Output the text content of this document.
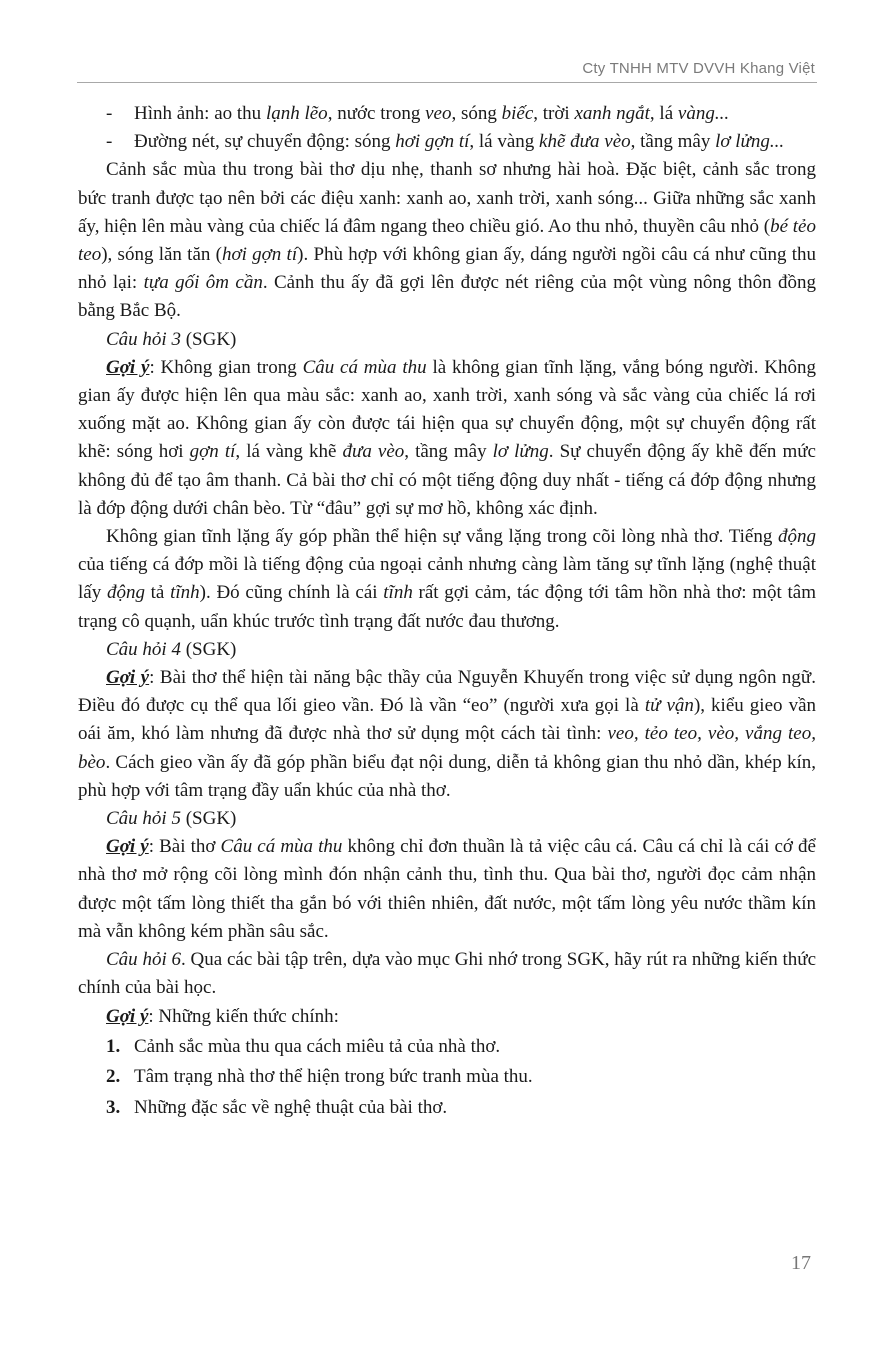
Cty TNHH MTV DVVH Khang Việt

- Hình ảnh: ao thu lạnh lẽo, nước trong veo, sóng biếc, trời xanh ngắt, lá vàng...

- Đường nét, sự chuyển động: sóng hơi gợn tí, lá vàng khẽ đưa vèo, tầng mây lơ lửng...

Cảnh sắc mùa thu trong bài thơ dịu nhẹ, thanh sơ nhưng hài hoà. Đặc biệt, cảnh sắc trong bức tranh được tạo nên bởi các điệu xanh: xanh ao, xanh trời, xanh sóng... Giữa những sắc xanh ấy, hiện lên màu vàng của chiếc lá đâm ngang theo chiều gió. Ao thu nhỏ, thuyền câu nhỏ (bé tẻo teo), sóng lăn tăn (hơi gợn tí). Phù hợp với không gian ấy, dáng người ngồi câu cá như cũng thu nhỏ lại: tựa gối ôm cần. Cảnh thu ấy đã gợi lên được nét riêng của một vùng nông thôn đồng bằng Bắc Bộ.

Câu hỏi 3 (SGK)

Gợi ý: Không gian trong Câu cá mùa thu là không gian tĩnh lặng, vắng bóng người. Không gian ấy được hiện lên qua màu sắc: xanh ao, xanh trời, xanh sóng và sắc vàng của chiếc lá rơi xuống mặt ao. Không gian ấy còn được tái hiện qua sự chuyển động, một sự chuyển động rất khẽ: sóng hơi gợn tí, lá vàng khẽ đưa vèo, tầng mây lơ lửng. Sự chuyển động ấy khẽ đến mức không đủ để tạo âm thanh. Cả bài thơ chỉ có một tiếng động duy nhất - tiếng cá đớp động nhưng là đớp động dưới chân bèo. Từ “đâu” gợi sự mơ hồ, không xác định.

Không gian tĩnh lặng ấy góp phần thể hiện sự vắng lặng trong cõi lòng nhà thơ. Tiếng động của tiếng cá đớp mồi là tiếng động của ngoại cảnh nhưng càng làm tăng sự tĩnh lặng (nghệ thuật lấy động tả tĩnh). Đó cũng chính là cái tĩnh rất gợi cảm, tác động tới tâm hồn nhà thơ: một tâm trạng cô quạnh, uẩn khúc trước tình trạng đất nước đau thương.

Câu hỏi 4 (SGK)

Gợi ý: Bài thơ thể hiện tài năng bậc thầy của Nguyễn Khuyến trong việc sử dụng ngôn ngữ. Điều đó được cụ thể qua lối gieo vần. Đó là vần “eo” (người xưa gọi là tử vận), kiểu gieo vần oái ăm, khó làm nhưng đã được nhà thơ sử dụng một cách tài tình: veo, tẻo teo, vèo, vắng teo, bèo. Cách gieo vần ấy đã góp phần biểu đạt nội dung, diễn tả không gian thu nhỏ dần, khép kín, phù hợp với tâm trạng đầy uẩn khúc của nhà thơ.

Câu hỏi 5 (SGK)

Gợi ý: Bài thơ Câu cá mùa thu không chỉ đơn thuần là tả việc câu cá. Câu cá chỉ là cái cớ để nhà thơ mở rộng cõi lòng mình đón nhận cảnh thu, tình thu. Qua bài thơ, người đọc cảm nhận được một tấm lòng thiết tha gắn bó với thiên nhiên, đất nước, một tấm lòng yêu nước thầm kín mà vẫn không kém phần sâu sắc.

Câu hỏi 6. Qua các bài tập trên, dựa vào mục Ghi nhớ trong SGK, hãy rút ra những kiến thức chính của bài học.

Gợi ý: Những kiến thức chính:

1. Cảnh sắc mùa thu qua cách miêu tả của nhà thơ.
2. Tâm trạng nhà thơ thể hiện trong bức tranh mùa thu.
3. Những đặc sắc về nghệ thuật của bài thơ.
17
